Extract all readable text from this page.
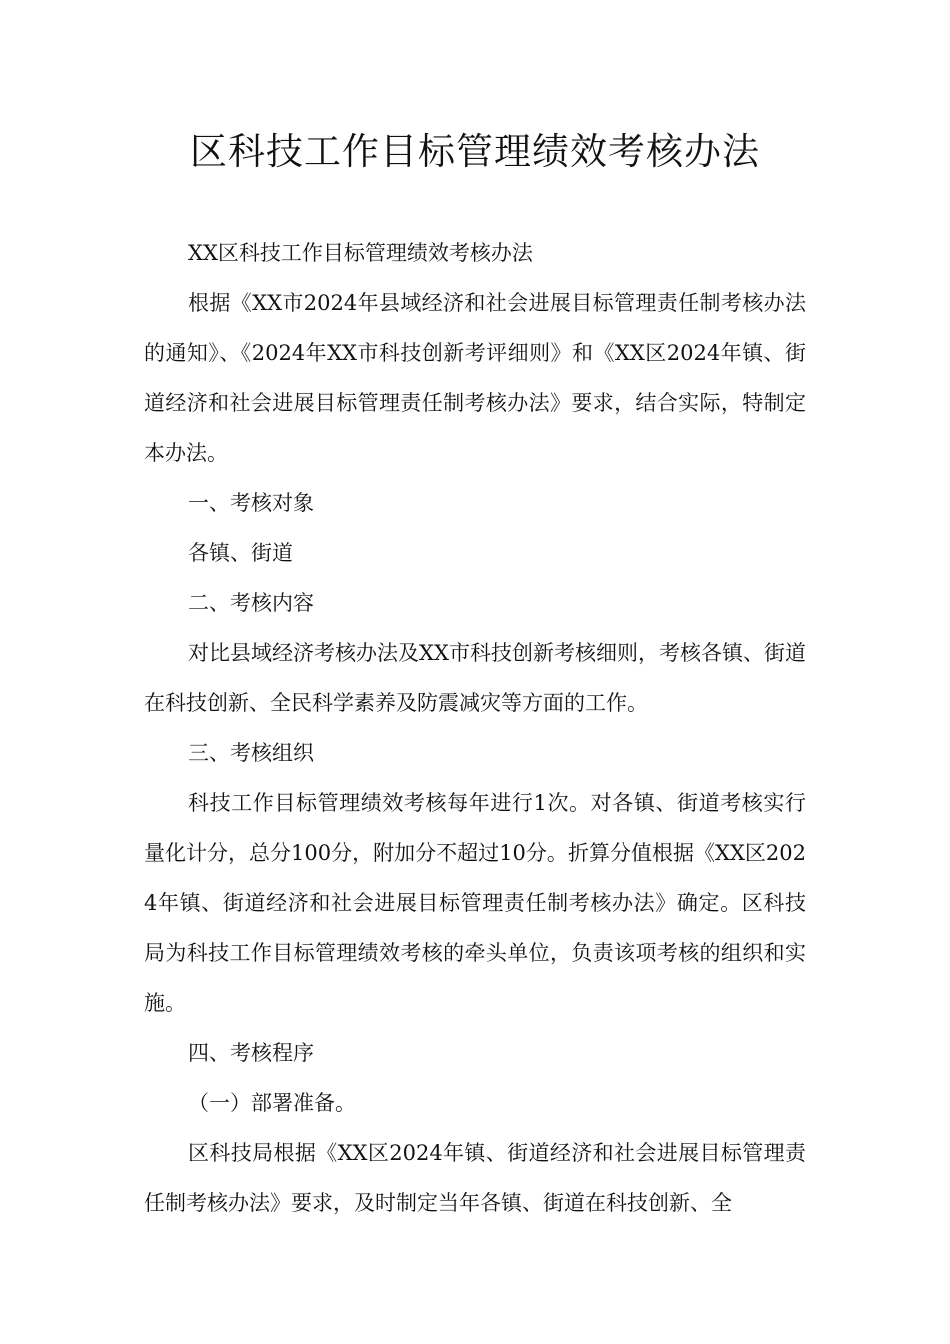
区科技工作目标管理绩效考核办法

XX区科技工作目标管理绩效考核办法

根据《XX市2024年县域经济和社会进展目标管理责任制考核办法的通知》、《2024年XX市科技创新考评细则》和《XX区2024年镇、街道经济和社会进展目标管理责任制考核办法》要求，结合实际，特制定本办法。

一、考核对象

各镇、街道

二、考核内容

对比县域经济考核办法及XX市科技创新考核细则，考核各镇、街道在科技创新、全民科学素养及防震减灾等方面的工作。

三、考核组织

科技工作目标管理绩效考核每年进行1次。对各镇、街道考核实行量化计分，总分100分，附加分不超过10分。折算分值根据《XX区2024年镇、街道经济和社会进展目标管理责任制考核办法》确定。区科技局为科技工作目标管理绩效考核的牵头单位，负责该项考核的组织和实施。

四、考核程序

（一）部署准备。

区科技局根据《XX区2024年镇、街道经济和社会进展目标管理责任制考核办法》要求，及时制定当年各镇、街道在科技创新、全
